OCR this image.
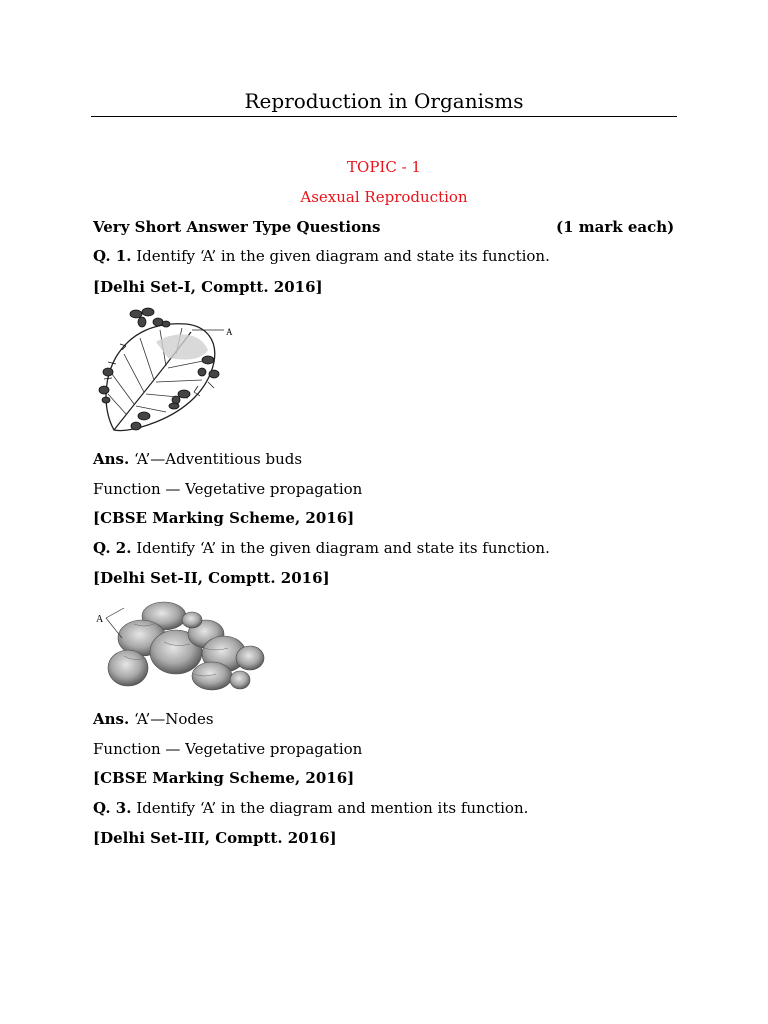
Reproduction in Organisms
TOPIC - 1
Asexual Reproduction
Very Short Answer Type Questions	(1 mark each)
Q. 1. Identify ‘A’ in the given diagram and state its function.
[Delhi Set-I, Comptt. 2016]
A
Ans. ‘A’—Adventitious buds
Function — Vegetative propagation
[CBSE Marking Scheme, 2016]
Q. 2. Identify ‘A’ in the given diagram and state its function.
[Delhi Set-II, Comptt. 2016]
A
Ans. ‘A’—Nodes
Function — Vegetative propagation
[CBSE Marking Scheme, 2016]
Q. 3. Identify ‘A’ in the diagram and mention its function.
[Delhi Set-III, Comptt. 2016]
